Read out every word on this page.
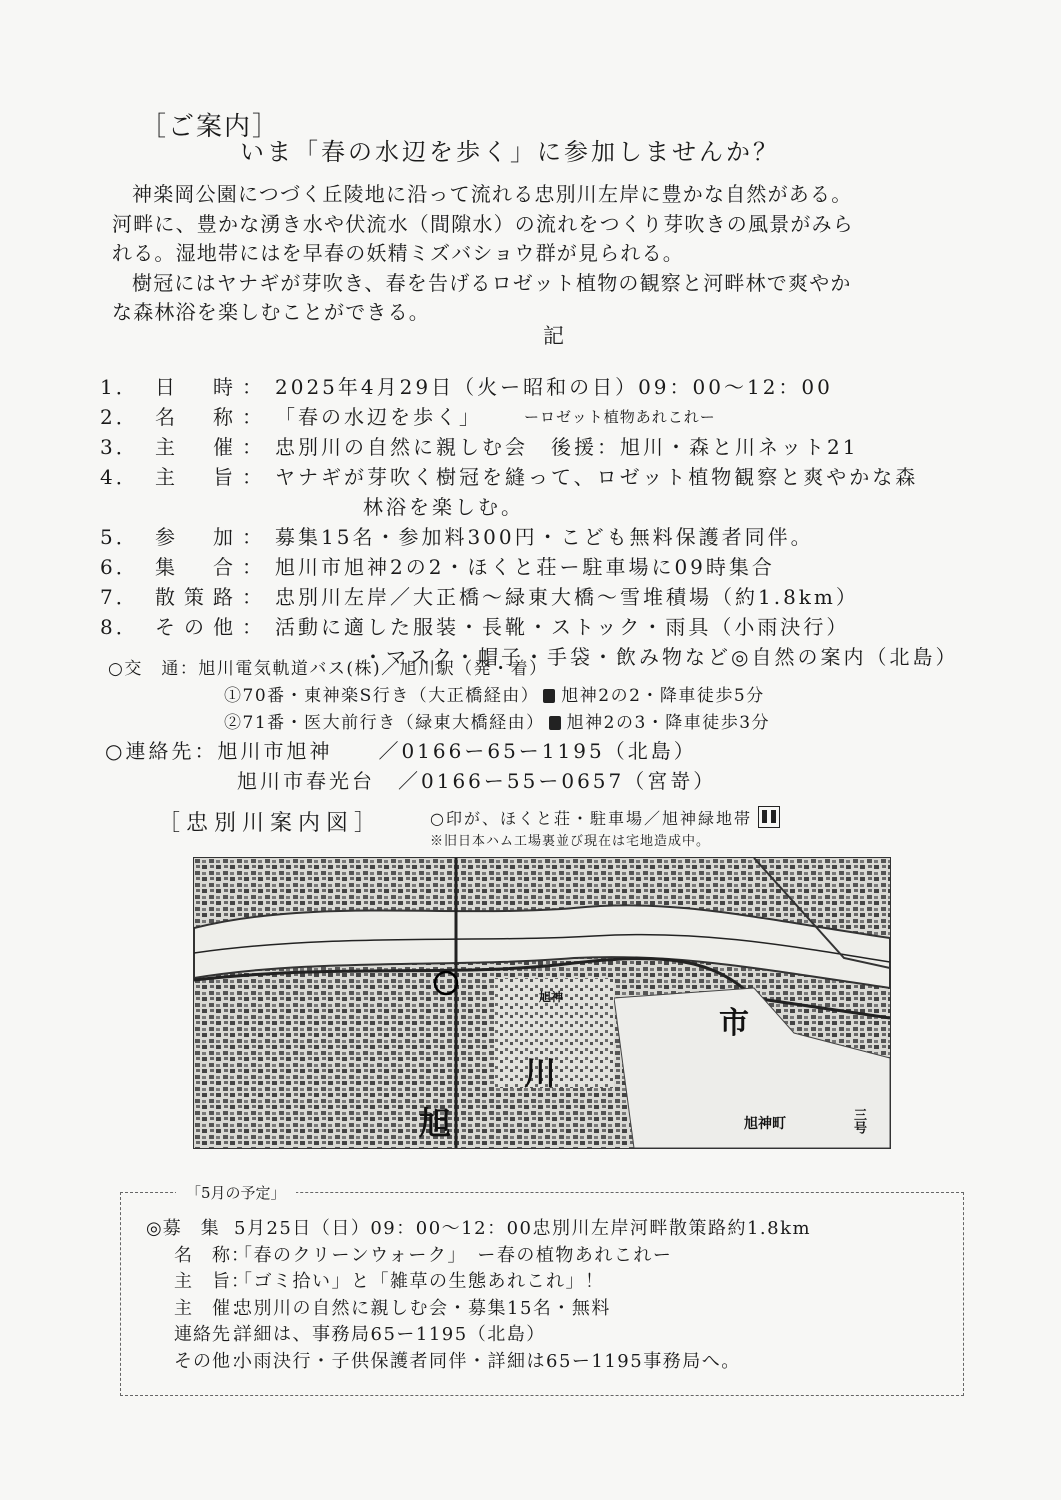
［ご案内］
いま「春の水辺を歩く」に参加しませんか？

神楽岡公園につづく丘陵地に沿って流れる忠別川左岸に豊かな自然がある。

河畔に、豊かな湧き水や伏流水（間隙水）の流れをつくり芽吹きの風景がみら

れる。湿地帯にはを早春の妖精ミズバショウ群が見られる。

樹冠にはヤナギが芽吹き、春を告げるロゼット植物の観察と河畔林で爽やか

な森林浴を楽しむことができる。

記
1． 日　時： 2025年4月29日（火ー昭和の日）09：00〜12：00
2． 名　称： 「春の水辺を歩く」	ーロゼット植物あれこれー
3． 主　催： 忠別川の自然に親しむ会　後援：旭川・森と川ネット21
4． 主　旨： ヤナギが芽吹く樹冠を縫って、ロゼット植物観察と爽やかな森
林浴を楽しむ。
5． 参　加： 募集15名・参加料300円・こども無料保護者同伴。
6． 集　合： 旭川市旭神2の2・ほくと荘ー駐車場に09時集合
7． 散策路： 忠別川左岸／大正橋〜緑東大橋〜雪堆積場（約1.8km）
8． その他： 活動に適した服装・長靴・ストック・雨具（小雨決行）
・マスク・帽子・手袋・飲み物など◎自然の案内（北島）
○交　通：旭川電気軌道バス(株)／旭川駅（発・着）
①70番・東神楽S行き（大正橋経由） 旭神2の2・降車徒歩5分
②71番・医大前行き（緑東大橋経由） 旭神2の3・降車徒歩3分
○連絡先：旭川市旭神　　／0166ー65ー1195（北島）
旭川市春光台　／0166ー55ー0657（宮嵜）
［忠別川案内図］	○印が、ほくと荘・駐車場／旭神緑地帯
※旧日本ハム工場裏並び現在は宅地造成中。
旭
川
市
旭神町
旭神
三号
「5月の予定」
◎募　集 5月25日（日）09：00〜12：00忠別川左岸河畔散策路約1.8km
名　称：
「春のクリーンウォーク」　ー春の植物あれこれー
主　旨：
「ゴミ拾い」と「雑草の生態あれこれ」！
主　催：
忠別川の自然に親しむ会・募集15名・無料
連絡先：
詳細は、事務局65ー1195（北島）
その他：
小雨決行・子供保護者同伴・詳細は65ー1195事務局へ。
